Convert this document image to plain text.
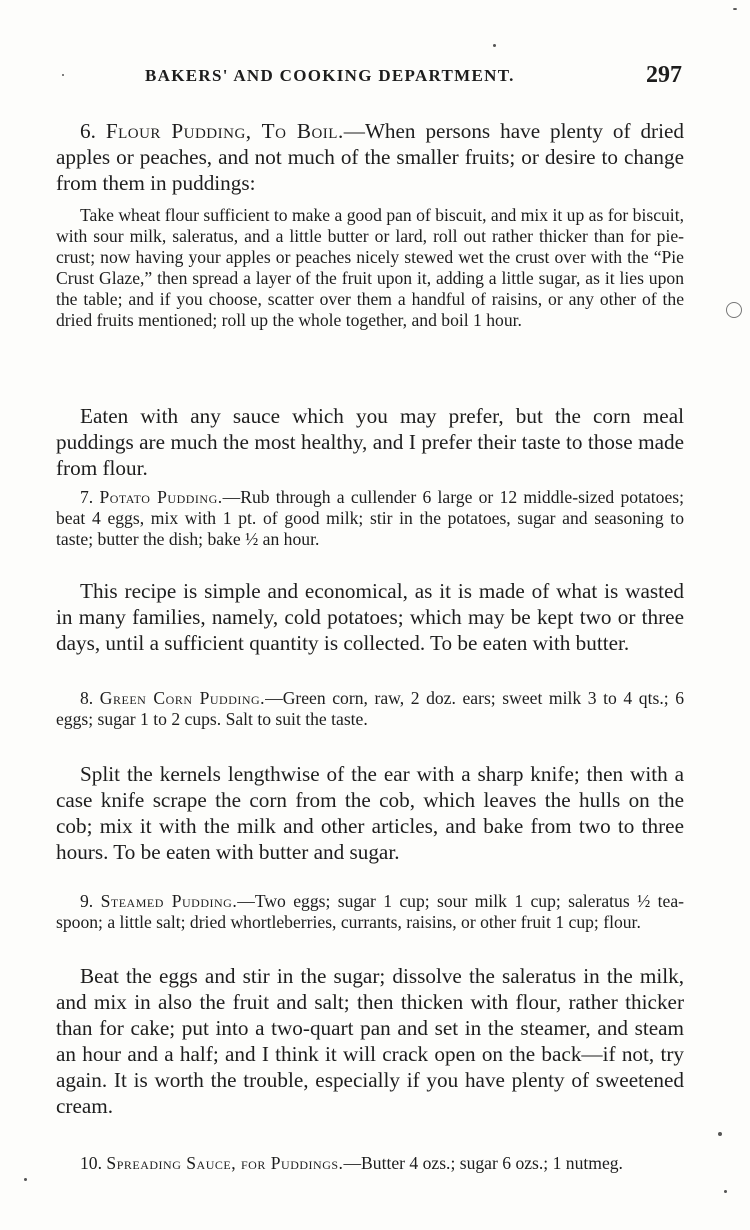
BAKERS' AND COOKING DEPARTMENT.	297

6. Flour Pudding, To Boil.—When persons have plenty of dried apples or peaches, and not much of the smaller fruits; or desire to change from them in puddings:

Take wheat flour sufficient to make a good pan of biscuit, and mix it up as for biscuit, with sour milk, saleratus, and a little butter or lard, roll out rather thicker than for pie-crust; now having your apples or peaches nicely stewed wet the crust over with the “Pie Crust Glaze,” then spread a layer of the fruit upon it, adding a little sugar, as it lies upon the table; and if you choose, scatter over them a handful of raisins, or any other of the dried fruits mentioned; roll up the whole together, and boil 1 hour.

Eaten with any sauce which you may prefer, but the corn meal puddings are much the most healthy, and I prefer their taste to those made from flour.

7. Potato Pudding.—Rub through a cullender 6 large or 12 middle-sized potatoes; beat 4 eggs, mix with 1 pt. of good milk; stir in the potatoes, sugar and seasoning to taste; butter the dish; bake ½ an hour.

This recipe is simple and economical, as it is made of what is wasted in many families, namely, cold potatoes; which may be kept two or three days, until a sufficient quantity is collected. To be eaten with butter.

8. Green Corn Pudding.—Green corn, raw, 2 doz. ears; sweet milk 3 to 4 qts.; 6 eggs; sugar 1 to 2 cups. Salt to suit the taste.

Split the kernels lengthwise of the ear with a sharp knife; then with a case knife scrape the corn from the cob, which leaves the hulls on the cob; mix it with the milk and other articles, and bake from two to three hours. To be eaten with butter and sugar.

9. Steamed Pudding.—Two eggs; sugar 1 cup; sour milk 1 cup; saleratus ½ tea-spoon; a little salt; dried whortleberries, currants, raisins, or other fruit 1 cup; flour.

Beat the eggs and stir in the sugar; dissolve the saleratus in the milk, and mix in also the fruit and salt; then thicken with flour, rather thicker than for cake; put into a two-quart pan and set in the steamer, and steam an hour and a half; and I think it will crack open on the back—if not, try again. It is worth the trouble, especially if you have plenty of sweetened cream.

10. Spreading Sauce, for Puddings.—Butter 4 ozs.; sugar 6 ozs.; 1 nutmeg.
